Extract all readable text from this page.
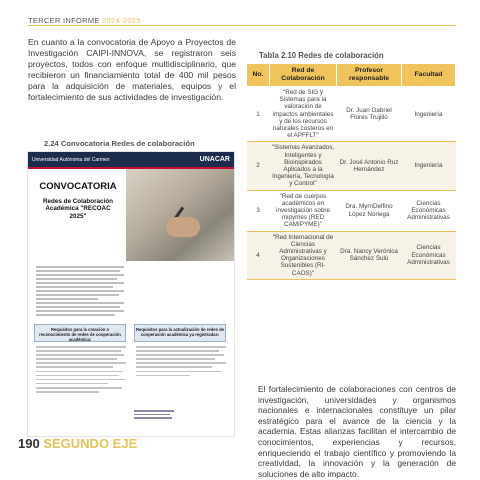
TERCER INFORME 2024-2025
En cuanto a la convocatoria de Apoyo a Proyectos de Investigación CAIPI-INNOVA, se registraron seis proyectos, todos con enfoque multidisciplinario, que recibieron un financiamiento total de 400 mil pesos para la adquisición de materiales, equipos y el fortalecimiento de sus actividades de investigación.
2.24 Convocatoria Redes de colaboración
Universidad Autónoma del Carmen	UNACAR
CONVOCATORIA
Redes de Colaboración Académica "RECOAC 2025"
Requisitos para la creación o reconocimiento de redes de cooperación académica:
Requisitos para la actualización de redes de cooperación académica ya registradas:
Tabla 2.10 Redes de colaboración
No.	Red de Colaboración	Profesor responsable	Facultad
1	"Red de SIG y Sistemas para la valoración de impactos ambientales y de los recursos naturales costeros en el APFFLT"	Dr. Juan Gabriel Flores Trujillo	Ingeniería
2	"Sistemas Avanzados, Inteligentes y Bioinspirados Aplicados a la Ingeniería, Tecnología y Control"	Dr. José Antonio Ruz Hernández	Ingeniería
3	"Red de cuerpos académicos en investigación sobre mipymes (RED CAMIPYME)"	Dra. MyrnDelfino López Noriega	Ciencias Económicas Administrativas
4	"Red Internacional de Ciencias Administrativas y Organizaciones Sostenibles (RI-CAOS)"	Dra. Nancy Verónica Sánchez Sulú	Ciencias Económicas Administrativas
El fortalecimiento de colaboraciones con centros de investigación, universidades y organismos nacionales e internacionales constituye un pilar estratégico para el avance de la ciencia y la academia. Estas alianzas facilitan el intercambio de conocimientos, experiencias y recursos, enriqueciendo el trabajo científico y promoviendo la creatividad, la innovación y la generación de soluciones de alto impacto.
190 SEGUNDO EJE
